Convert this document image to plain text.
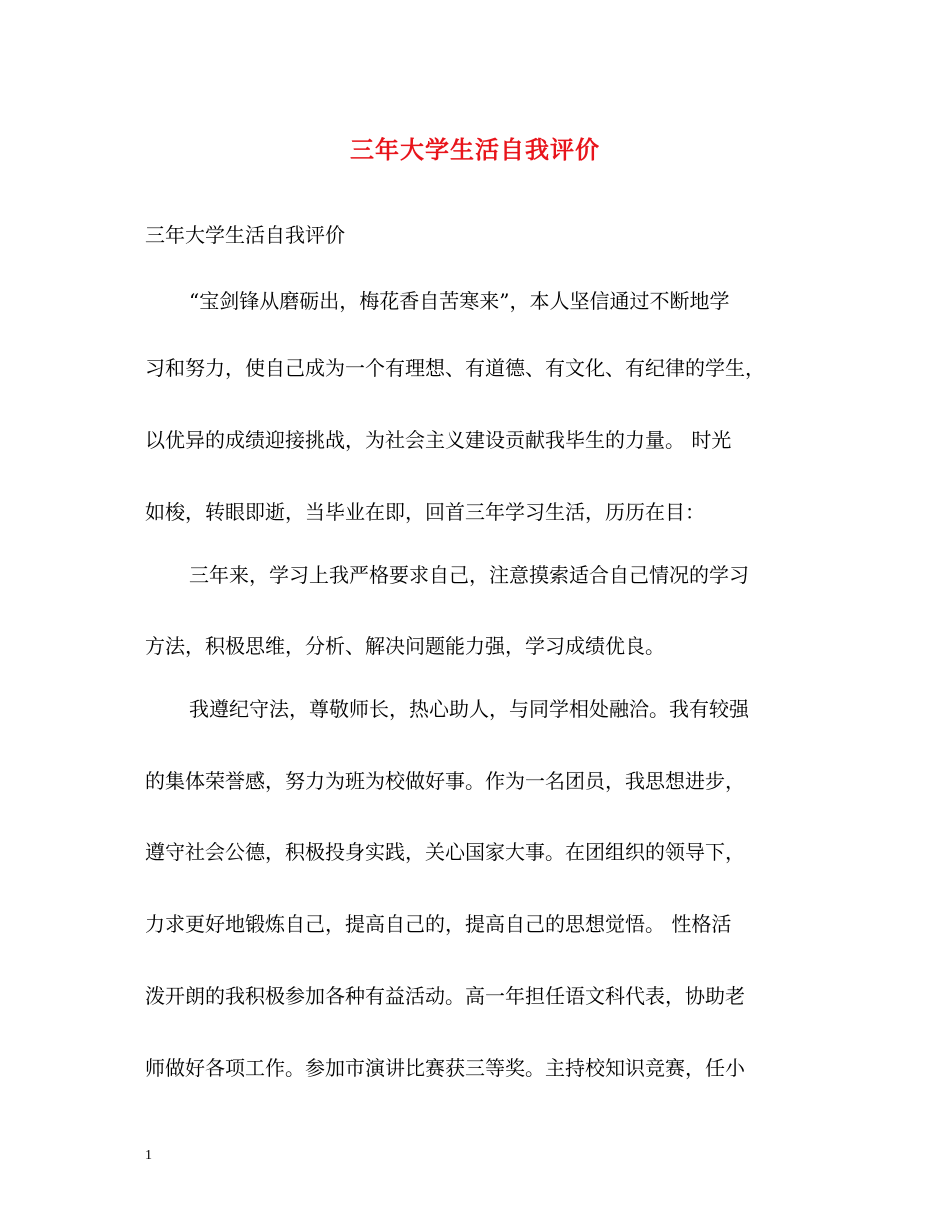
三年大学生活自我评价
三年大学生活自我评价
“宝剑锋从磨砺出，梅花香自苦寒来”，本人坚信通过不断地学
习和努力，使自己成为一个有理想、有道德、有文化、有纪律的学生，
以优异的成绩迎接挑战，为社会主义建设贡献我毕生的力量。 时光
如梭，转眼即逝，当毕业在即，回首三年学习生活，历历在目：
三年来，学习上我严格要求自己，注意摸索适合自己情况的学习
方法，积极思维，分析、解决问题能力强，学习成绩优良。
我遵纪守法，尊敬师长，热心助人，与同学相处融洽。我有较强
的集体荣誉感，努力为班为校做好事。作为一名团员，我思想进步，
遵守社会公德，积极投身实践，关心国家大事。在团组织的领导下，
力求更好地锻炼自己，提高自己的，提高自己的思想觉悟。 性格活
泼开朗的我积极参加各种有益活动。高一年担任语文科代表，协助老
师做好各项工作。参加市演讲比赛获三等奖。主持校知识竞赛，任小
1
